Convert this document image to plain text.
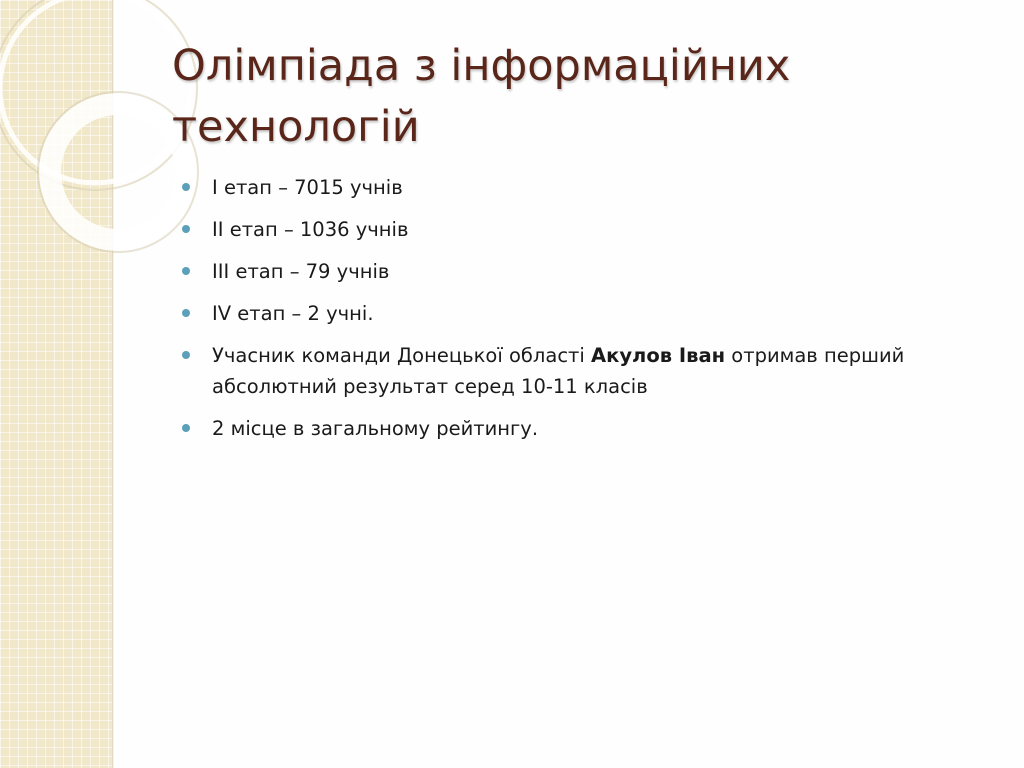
Олімпіада з інформаційних технологій
І етап – 7015 учнів
ІІ етап – 1036 учнів
ІІІ етап – 79 учнів
IV етап – 2 учні.
Учасник команди Донецької області Акулов Іван отримав перший абсолютний результат серед 10-11 класів
2 місце в загальному рейтингу.
